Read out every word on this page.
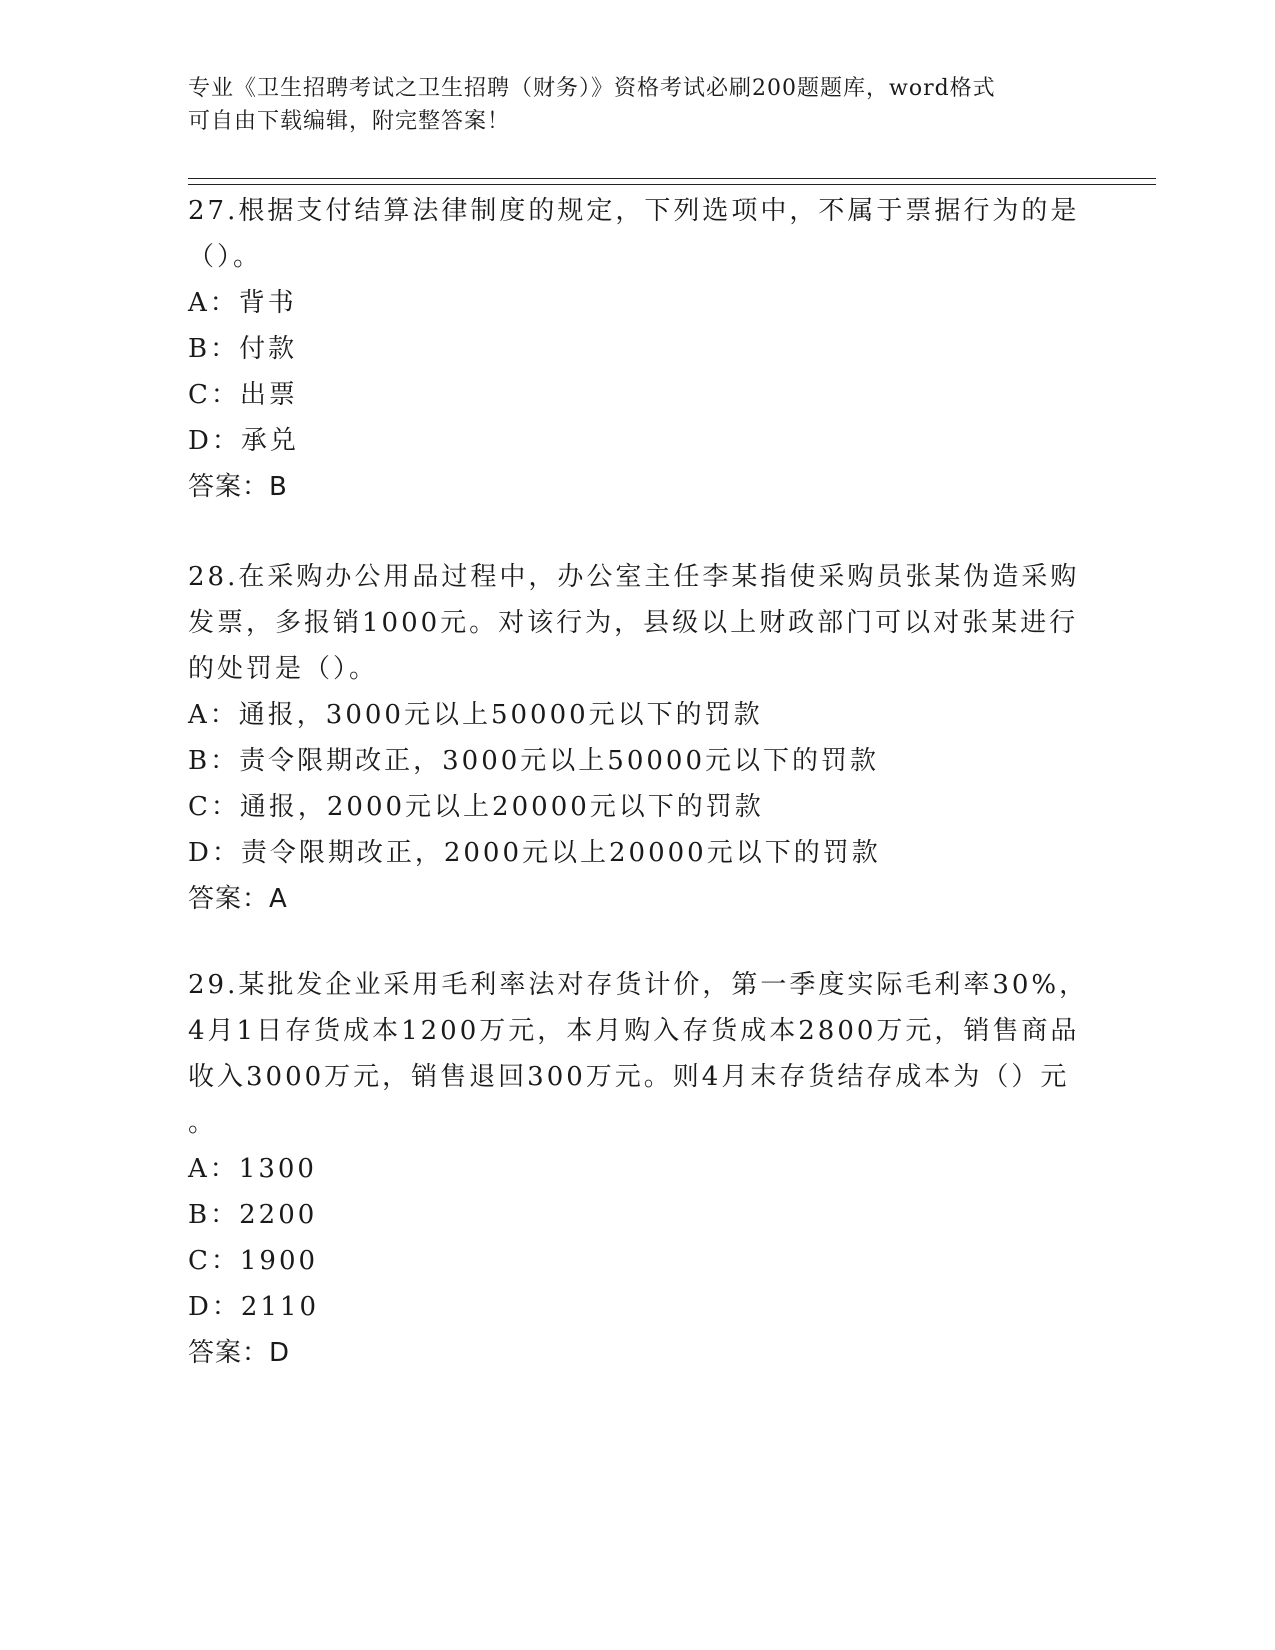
专业《卫生招聘考试之卫生招聘（财务）》资格考试必刷200题题库，word格式
可自由下载编辑，附完整答案！
27.根据支付结算法律制度的规定，下列选项中，不属于票据行为的是
（）。
A：背书
B：付款
C：出票
D：承兑
答案：B
28.在采购办公用品过程中，办公室主任李某指使采购员张某伪造采购
发票，多报销1000元。对该行为，县级以上财政部门可以对张某进行
的处罚是（）。
A：通报，3000元以上50000元以下的罚款
B：责令限期改正，3000元以上50000元以下的罚款
C：通报，2000元以上20000元以下的罚款
D：责令限期改正，2000元以上20000元以下的罚款
答案：A
29.某批发企业采用毛利率法对存货计价，第一季度实际毛利率30%，
4月1日存货成本1200万元，本月购入存货成本2800万元，销售商品
收入3000万元，销售退回300万元。则4月末存货结存成本为（）元
。
A：1300
B：2200
C：1900
D：2110
答案：D
